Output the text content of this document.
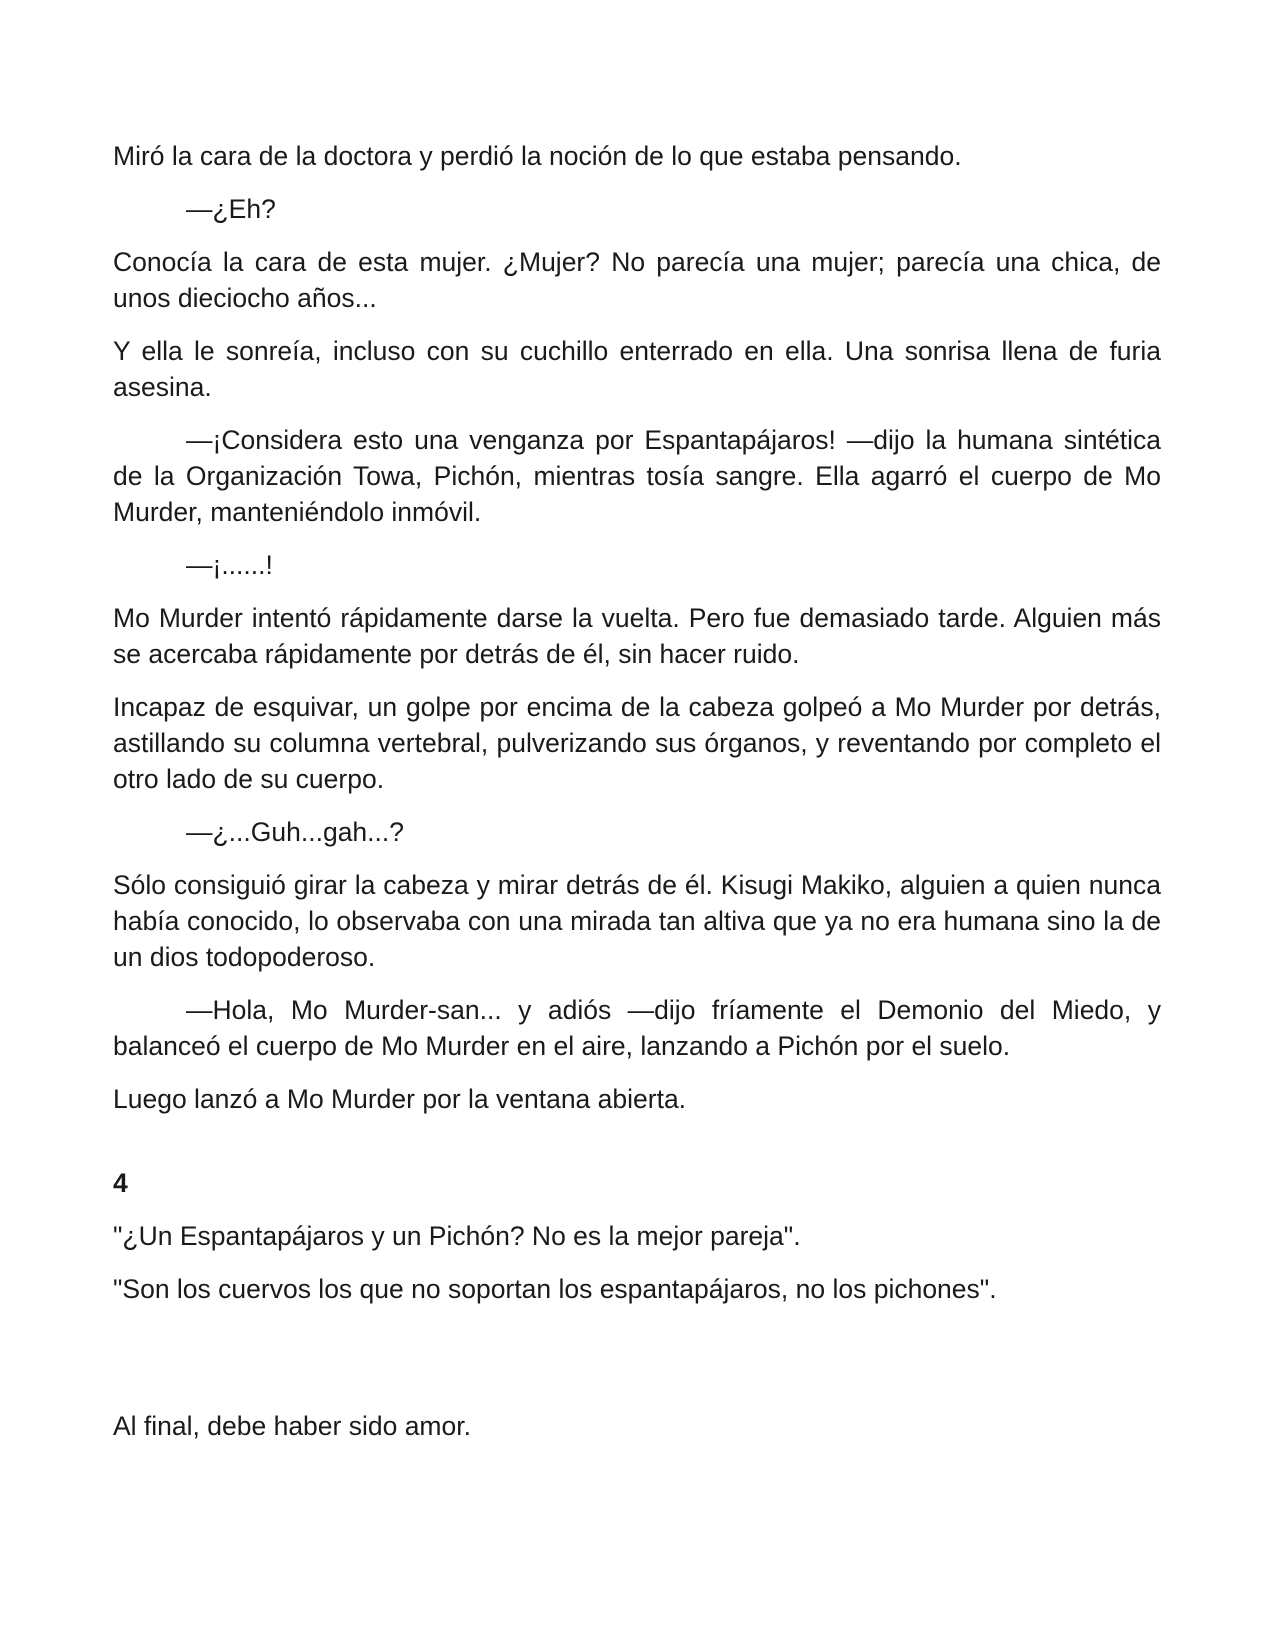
Miró la cara de la doctora y perdió la noción de lo que estaba pensando.

—¿Eh?

Conocía la cara de esta mujer. ¿Mujer? No parecía una mujer; parecía una chica, de unos dieciocho años...

Y ella le sonreía, incluso con su cuchillo enterrado en ella. Una sonrisa llena de furia asesina.

—¡Considera esto una venganza por Espantapájaros! —dijo la humana sintética de la Organización Towa, Pichón, mientras tosía sangre. Ella agarró el cuerpo de Mo Murder, manteniéndolo inmóvil.

—¡......!

Mo Murder intentó rápidamente darse la vuelta. Pero fue demasiado tarde. Alguien más se acercaba rápidamente por detrás de él, sin hacer ruido.

Incapaz de esquivar, un golpe por encima de la cabeza golpeó a Mo Murder por detrás, astillando su columna vertebral, pulverizando sus órganos, y reventando por completo el otro lado de su cuerpo.

—¿...Guh...gah...?

Sólo consiguió girar la cabeza y mirar detrás de él. Kisugi Makiko, alguien a quien nunca había conocido, lo observaba con una mirada tan altiva que ya no era humana sino la de un dios todopoderoso.

—Hola, Mo Murder-san... y adiós —dijo fríamente el Demonio del Miedo, y balanceó el cuerpo de Mo Murder en el aire, lanzando a Pichón por el suelo.

Luego lanzó a Mo Murder por la ventana abierta.

4

"¿Un Espantapájaros y un Pichón? No es la mejor pareja".

"Son los cuervos los que no soportan los espantapájaros, no los pichones".

Al final, debe haber sido amor.
